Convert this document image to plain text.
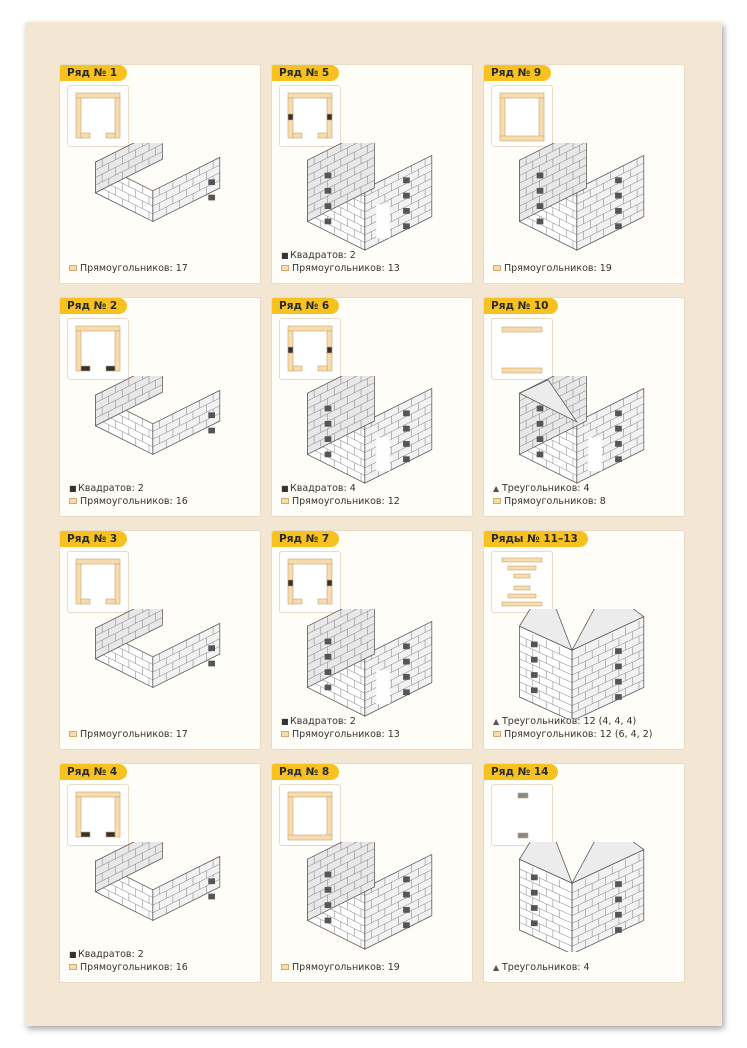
Ряд № 1
Прямоугольников: 17
Ряд № 5
■Квадратов: 2
Прямоугольников: 13
Ряд № 9
Прямоугольников: 19
Ряд № 2
■Квадратов: 2
Прямоугольников: 16
Ряд № 6
■Квадратов: 4
Прямоугольников: 12
Ряд № 10
▲ Треугольников: 4
Прямоугольников: 8
Ряд № 3
Прямоугольников: 17
Ряд № 7
■Квадратов: 2
Прямоугольников: 13
Ряды № 11–13
▲ Треугольников: 12 (4, 4, 4)
Прямоугольников: 12 (6, 4, 2)
Ряд № 4
■Квадратов: 2
Прямоугольников: 16
Ряд № 8
Прямоугольников: 19
Ряд № 14
▲ Треугольников: 4
